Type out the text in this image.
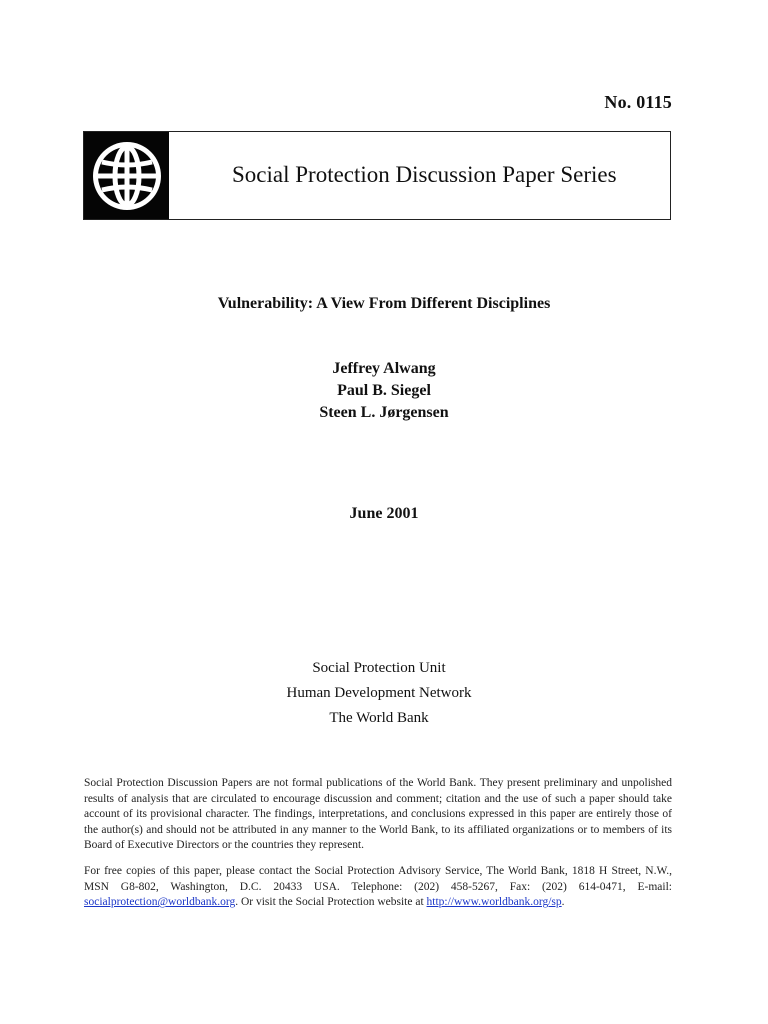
No. 0115
Social Protection Discussion Paper Series
Vulnerability: A View From Different Disciplines
Jeffrey Alwang
Paul B. Siegel
Steen L. Jørgensen
June 2001
Social Protection Unit
Human Development Network
The World Bank
Social Protection Discussion Papers are not formal publications of the World Bank. They present preliminary and unpolished results of analysis that are circulated to encourage discussion and comment; citation and the use of such a paper should take account of its provisional character. The findings, interpretations, and conclusions expressed in this paper are entirely those of the author(s) and should not be attributed in any manner to the World Bank, to its affiliated organizations or to members of its Board of Executive Directors or the countries they represent.
For free copies of this paper, please contact the Social Protection Advisory Service, The World Bank, 1818 H Street, N.W., MSN G8-802, Washington, D.C. 20433 USA. Telephone: (202) 458-5267, Fax: (202) 614-0471, E-mail: socialprotection@worldbank.org. Or visit the Social Protection website at http://www.worldbank.org/sp.
